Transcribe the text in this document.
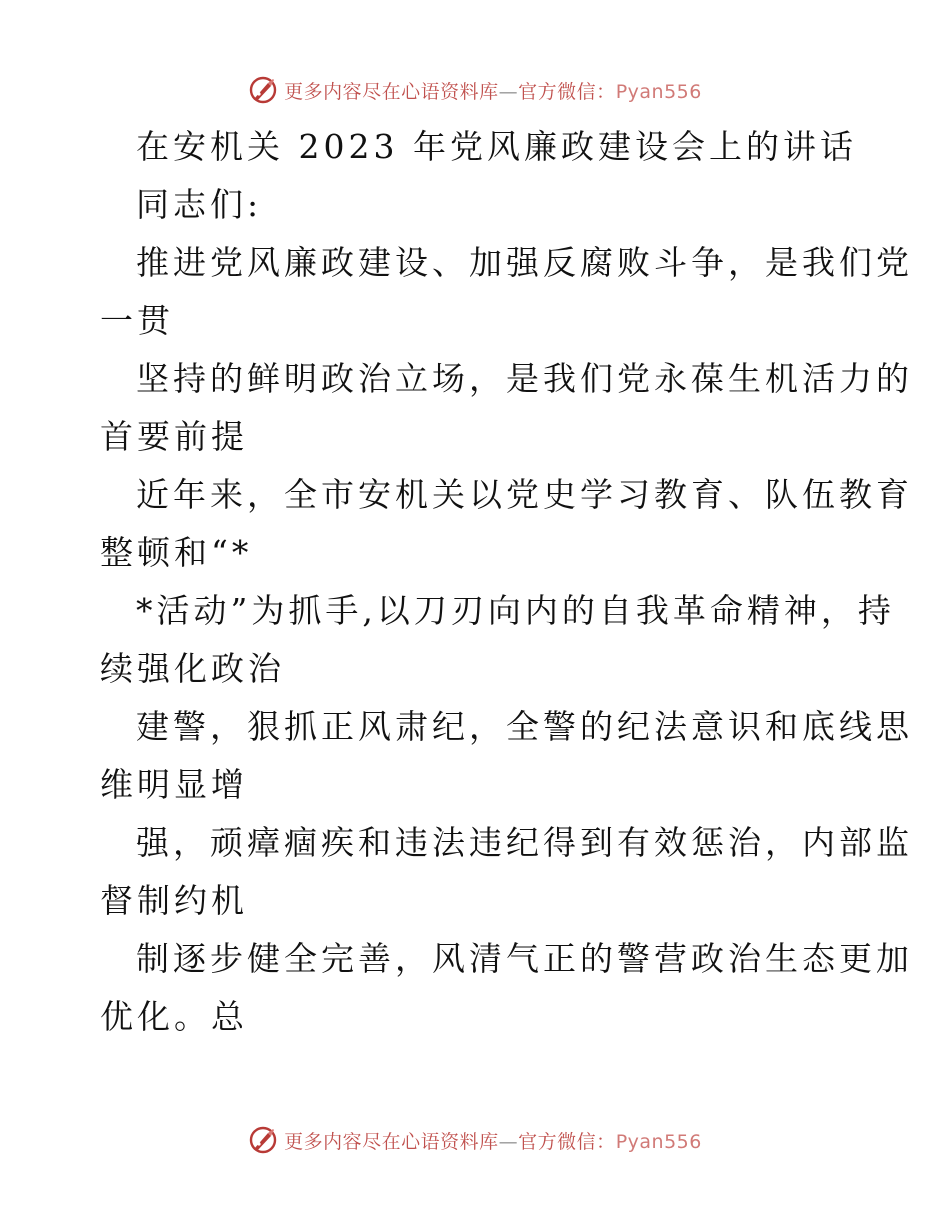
更多内容尽在心语资料库—官方微信：Pyan556
在安机关 2023 年党风廉政建设会上的讲话
同志们:
推进党风廉政建设、加强反腐败斗争，是我们党
一贯
坚持的鲜明政治立场，是我们党永葆生机活力的
首要前提
近年来，全市安机关以党史学习教育、队伍教育
整顿和“*
*活动”为抓手,以刀刃向内的自我革命精神，持
续强化政治
建警，狠抓正风肃纪，全警的纪法意识和底线思
维明显增
强，顽瘴痼疾和违法违纪得到有效惩治，内部监
督制约机
制逐步健全完善，风清气正的警营政治生态更加
优化。总
更多内容尽在心语资料库—官方微信：Pyan556
